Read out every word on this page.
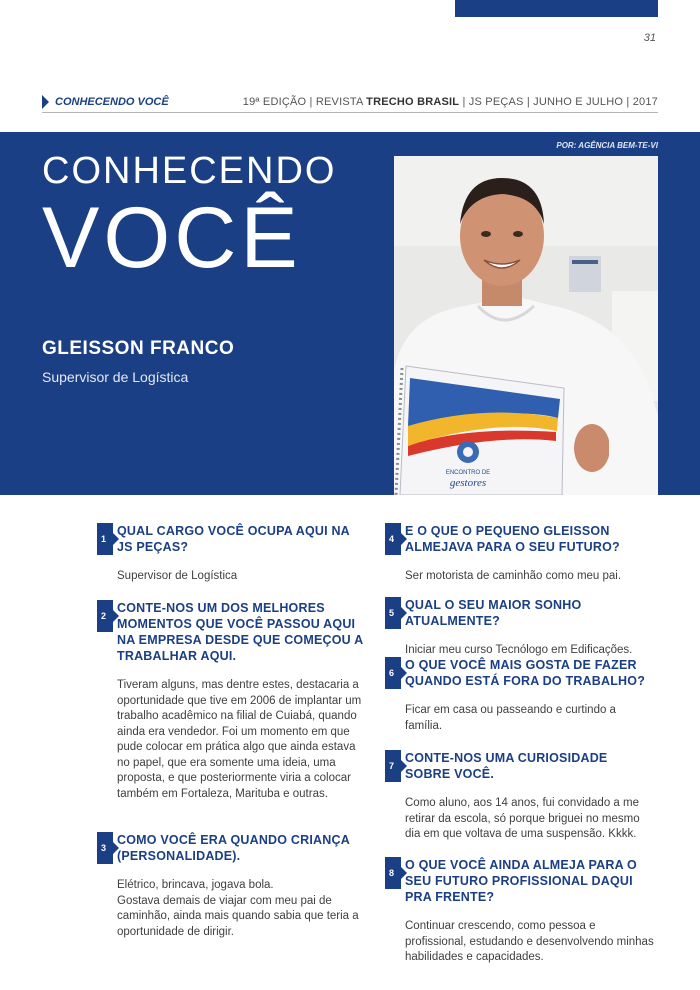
31
CONHECENDO VOCÊ	19ª EDIÇÃO | REVISTA TRECHO BRASIL | JS PEÇAS | JUNHO E JULHO | 2017
POR: AGÊNCIA BEM-TE-VI
CONHECENDO
VOCÊ
GLEISSON FRANCO
Supervisor de Logística
ENCONTRO DE
gestores
1
QUAL CARGO VOCÊ OCUPA AQUI NA JS PEÇAS?
Supervisor de Logística
2
CONTE-NOS UM DOS MELHORES MOMENTOS QUE VOCÊ PASSOU AQUI NA EMPRESA DESDE QUE COMEÇOU A TRABALHAR AQUI.
Tiveram alguns, mas dentre estes, destacaria a oportunidade que tive em 2006 de implantar um trabalho acadêmico na filial de Cuiabá, quando ainda era vendedor. Foi um momento em que pude colocar em prática algo que ainda estava no papel, que era somente uma ideia, uma proposta, e que posteriormente viria a colocar também em Fortaleza, Marituba e outras.
3
COMO VOCÊ ERA QUANDO CRIANÇA (PERSONALIDADE).
Elétrico, brincava, jogava bola.
Gostava demais de viajar com meu pai de caminhão, ainda mais quando sabia que teria a oportunidade de dirigir.
4
E O QUE O PEQUENO GLEISSON ALMEJAVA PARA O SEU FUTURO?
Ser motorista de caminhão como meu pai.
5
QUAL O SEU MAIOR SONHO ATUALMENTE?
Iniciar meu curso Tecnólogo em Edificações.
6
O QUE VOCÊ MAIS GOSTA DE FAZER QUANDO ESTÁ FORA DO TRABALHO?
Ficar em casa ou passeando e curtindo a família.
7
CONTE-NOS UMA CURIOSIDADE SOBRE VOCÊ.
Como aluno, aos 14 anos, fui convidado a me retirar da escola, só porque briguei no mesmo dia em que voltava de uma suspensão. Kkkk.
8
O QUE VOCÊ AINDA ALMEJA PARA O SEU FUTURO PROFISSIONAL DAQUI PRA FRENTE?
Continuar crescendo, como pessoa e profissional, estudando e desenvolvendo minhas habilidades e capacidades.
